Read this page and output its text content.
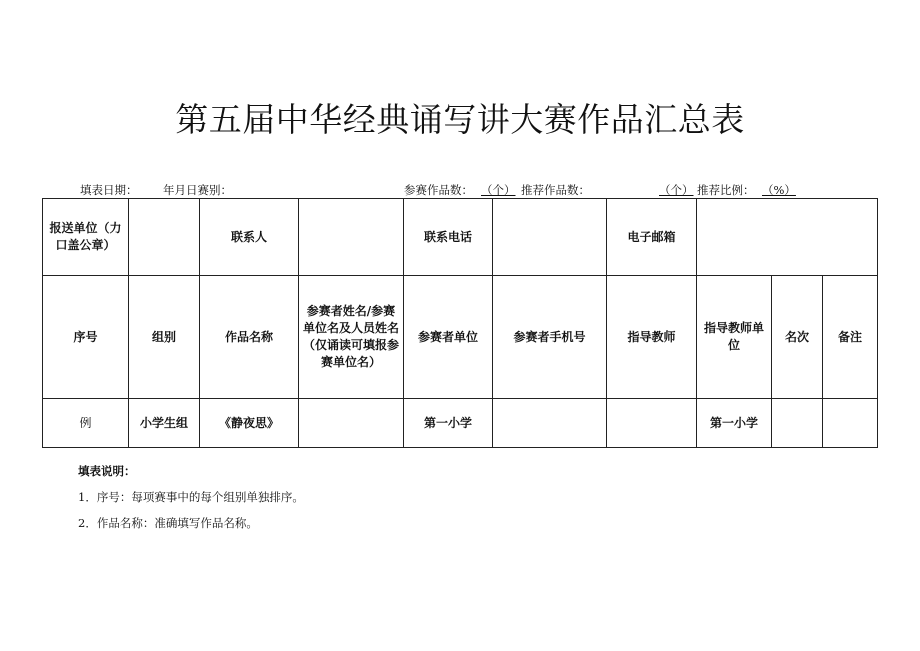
第五届中华经典诵写讲大赛作品汇总表
填表日期： 年月日赛别：	参赛作品数： （个） 推荐作品数：	（个） 推荐比例： （%）
报送单位（力口盖公章）		联系人		联系电话		电子邮箱			
序号	组别	作品名称	参赛者姓名/参赛单位名及人员姓名（仅诵读可填报参赛单位名）	参赛者单位	参赛者手机号	指导教师	指导教师单位	名次	备注
例	小学生组	《静夜思》		第一小学			第一小学		
填表说明：
1．序号：每项赛事中的每个组别单独排序。
2．作品名称：准确填写作品名称。
